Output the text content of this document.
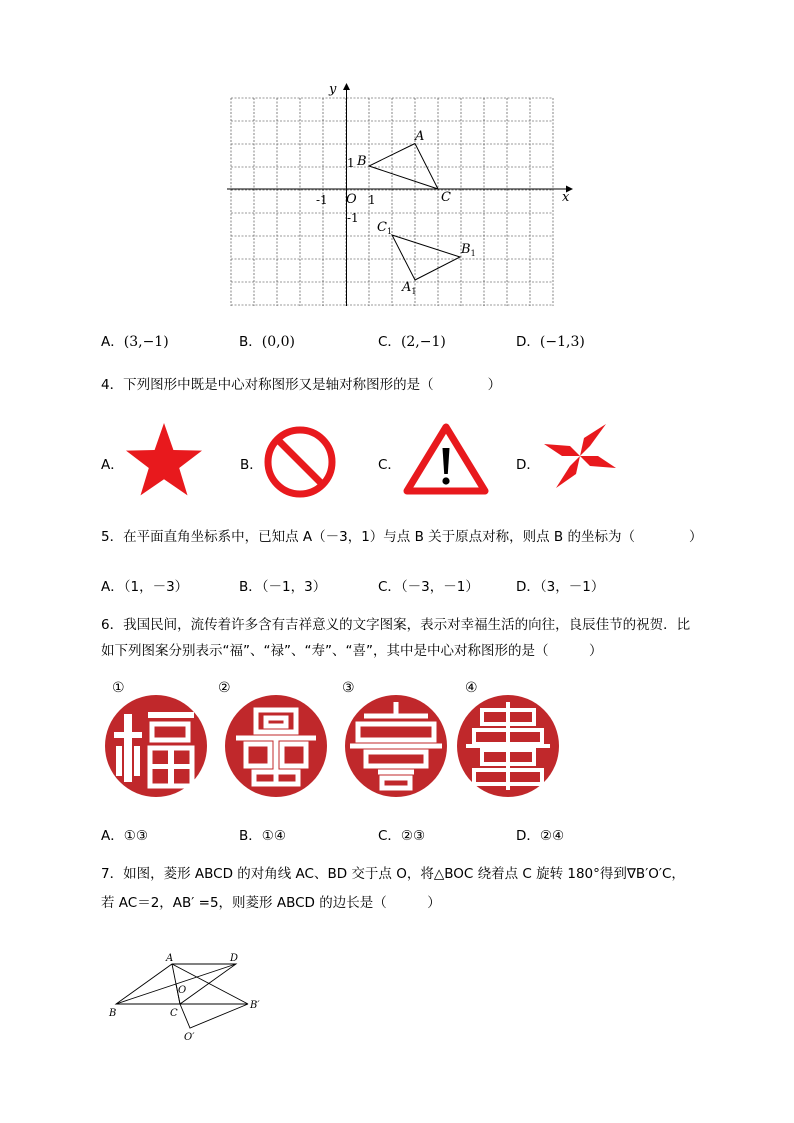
x
y
O
-1	1
1
-1
A
B
C
$C_1$
$B_1$
$A_1$
A．(3,−1)	B．(0,0)	C．(2,−1)	D．(−1,3)
4．下列图形中既是中心对称图形又是轴对称图形的是（　　　　）
A．	B．	C．	D．
5．在平面直角坐标系中，已知点 A（－3，1）与点 B 关于原点对称，则点 B 的坐标为（　　　　）
A．（1，－3）	B．（－1，3）	C．（－3，－1）	D．（3，－1）
6．我国民间，流传着许多含有吉祥意义的文字图案，表示对幸福生活的向往，良辰佳节的祝贺．比
如下列图案分别表示“福”、“禄”、“寿”、“喜”，其中是中心对称图形的是（　　　）
①	②	③	④
A．①③	B．①④	C．②③	D．②④
7．如图，菱形 ABCD 的对角线 AC、BD 交于点 O，将△BOC 绕着点 C 旋转 180°得到∇B′O′C，
若 AC＝2，AB′ =5，则菱形 ABCD 的边长是（　　　）
A	D
O
B	C
B′
O′
